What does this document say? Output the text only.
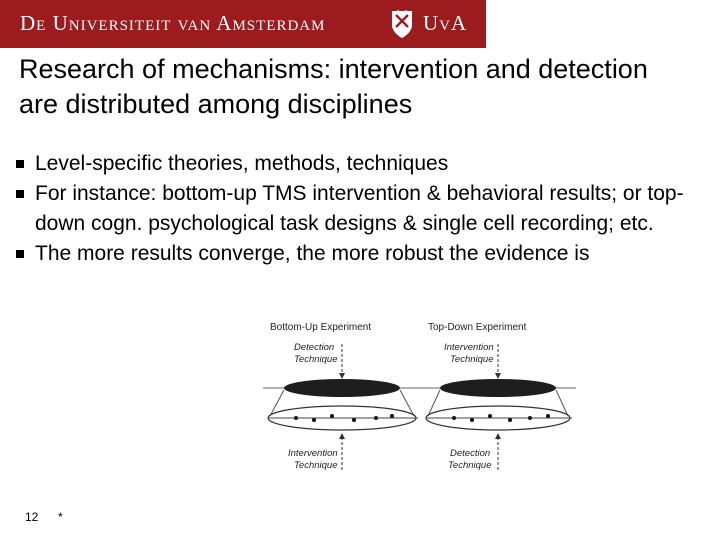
De Universiteit van Amsterdam	UvA
Research of mechanisms: intervention and detection are distributed among disciplines
Level-specific theories, methods, techniques
For instance: bottom-up TMS intervention & behavioral results; or top-down cogn. psychological task designs & single cell recording; etc.
The more results converge, the more robust the evidence is
Bottom-Up Experiment
Detection
Technique
Intervention
Technique
Top-Down Experiment
Intervention
Technique
Detection
Technique
12 *
